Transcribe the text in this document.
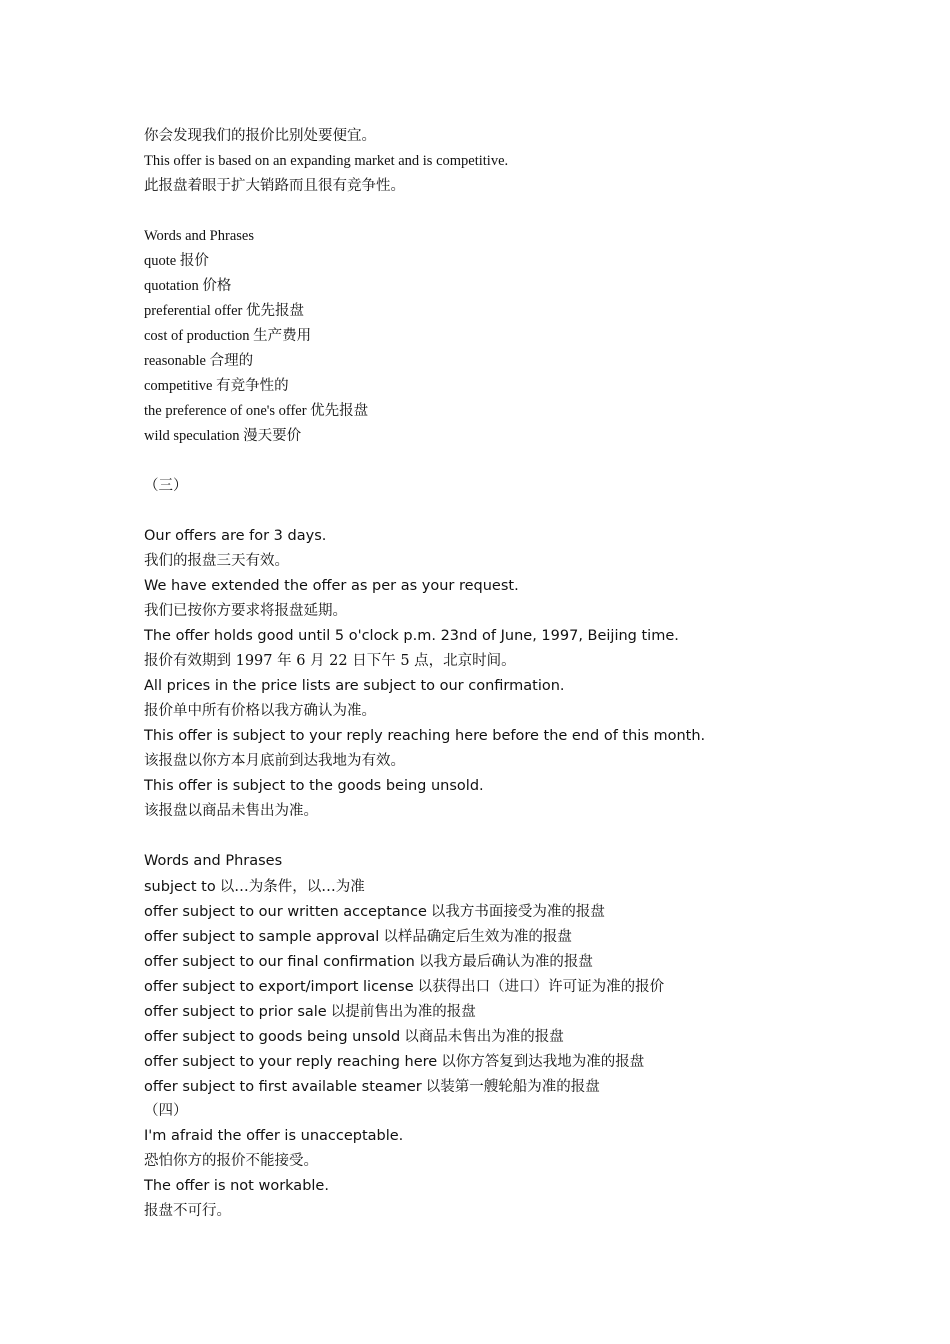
你会发现我们的报价比别处要便宜。
This offer is based on an expanding market and is competitive.
此报盘着眼于扩大销路而且很有竞争性。
Words and Phrases
quote 报价
quotation 价格
preferential offer 优先报盘
cost of production 生产费用
reasonable 合理的
competitive 有竞争性的
the preference of one's offer 优先报盘
wild speculation 漫天要价
（三）
Our offers are for 3 days.
我们的报盘三天有效。
We have extended the offer as per as your request.
我们已按你方要求将报盘延期。
The offer holds good until 5 o'clock p.m. 23nd of June, 1997, Beijing time.
报价有效期到 1997 年 6 月 22 日下午 5 点，北京时间。
All prices in the price lists are subject to our confirmation.
报价单中所有价格以我方确认为准。
This offer is subject to your reply reaching here before the end of this month.
该报盘以你方本月底前到达我地为有效。
This offer is subject to the goods being unsold.
该报盘以商品未售出为准。
Words and Phrases
subject to 以…为条件，以…为准
offer subject to our written acceptance 以我方书面接受为准的报盘
offer subject to sample approval 以样品确定后生效为准的报盘
offer subject to our final confirmation 以我方最后确认为准的报盘
offer subject to export/import license 以获得出口（进口）许可证为准的报价
offer subject to prior sale 以提前售出为准的报盘
offer subject to goods being unsold 以商品未售出为准的报盘
offer subject to your reply reaching here 以你方答复到达我地为准的报盘
offer subject to first available steamer 以装第一艘轮船为准的报盘
（四）
I'm afraid the offer is unacceptable.
恐怕你方的报价不能接受。
The offer is not workable.
报盘不可行。
